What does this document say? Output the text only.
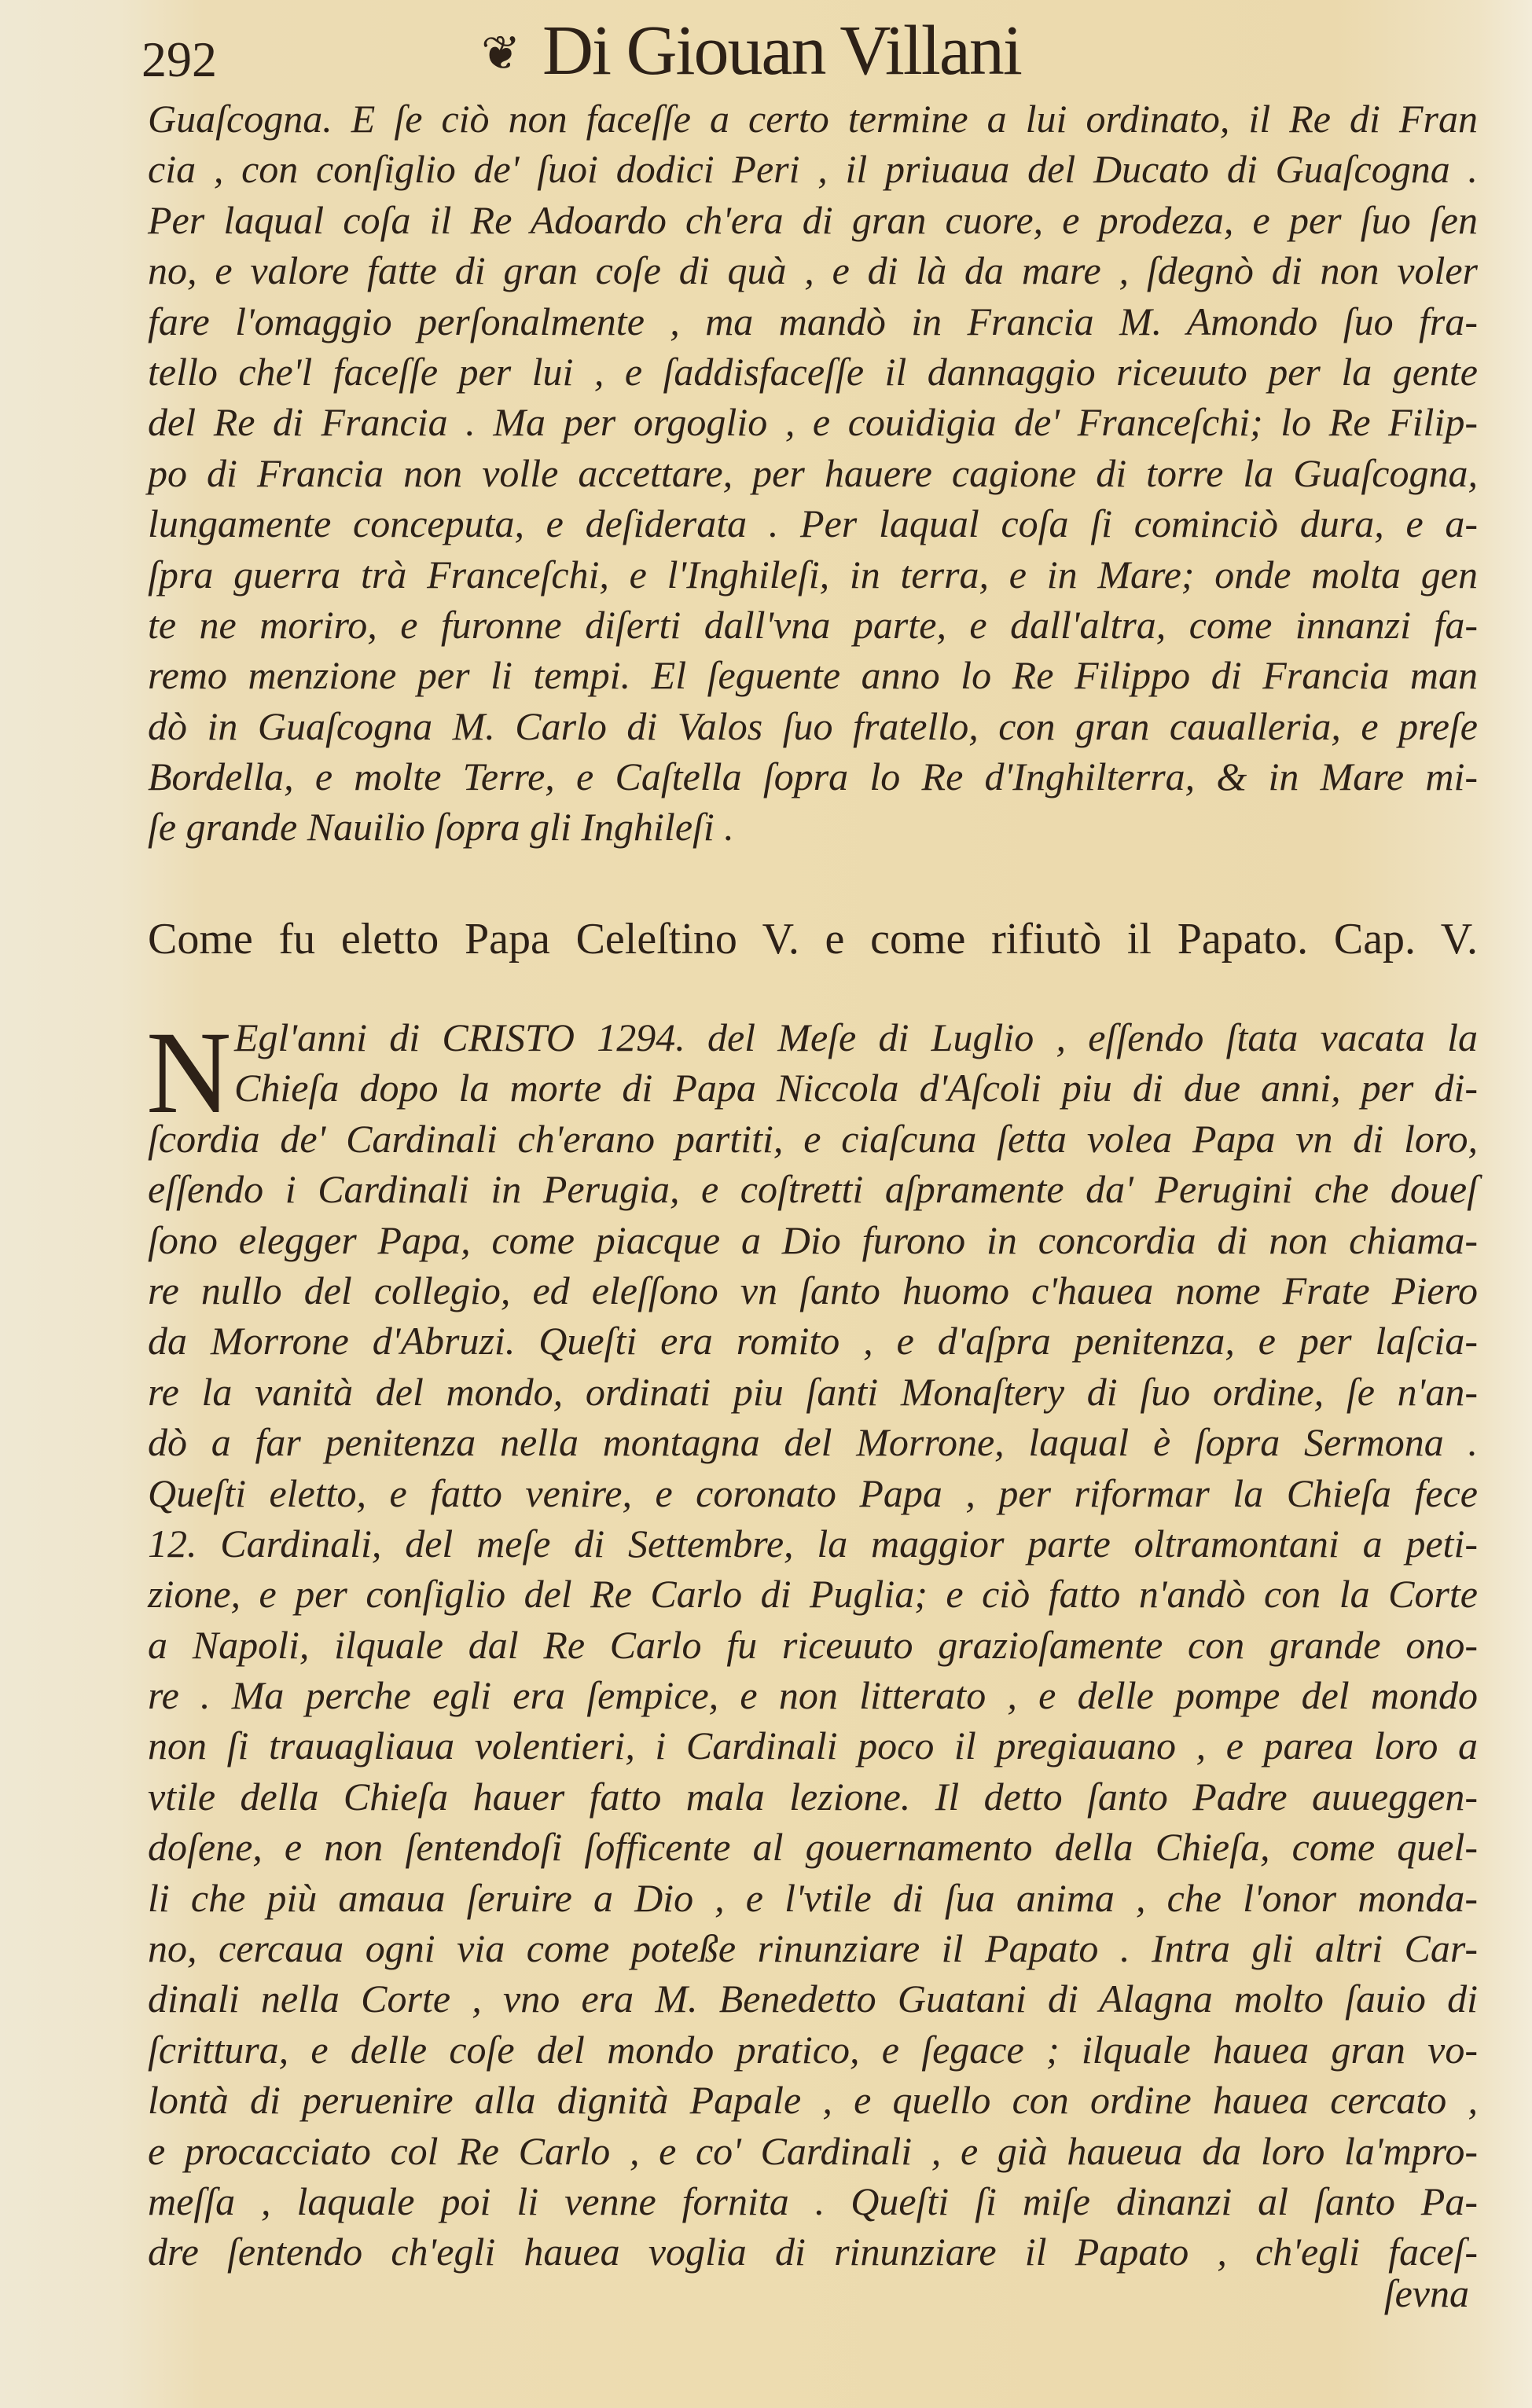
292	❦ Di Giouan Villani
Guaſcogna. E ſe ciò non faceſſe a certo termine a lui ordinato, il Re di Fran
cia , con conſiglio de' ſuoi dodici Peri , il priuaua del Ducato di Guaſcogna .
Per laqual coſa il Re Adoardo ch'era di gran cuore, e prodeza, e per ſuo ſen
no, e valore fatte di gran coſe di quà , e di là da mare , ſdegnò di non voler
fare l'omaggio perſonalmente , ma mandò in Francia M. Amondo ſuo fra-
tello che'l faceſſe per lui , e ſaddisfaceſſe il dannaggio riceuuto per la gente
del Re di Francia . Ma per orgoglio , e couidigia de' Franceſchi; lo Re Filip-
po di Francia non volle accettare, per hauere cagione di torre la Guaſcogna,
lungamente conceputa, e deſiderata . Per laqual coſa ſi cominciò dura, e a-
ſpra guerra trà Franceſchi, e l'Inghileſi, in terra, e in Mare; onde molta gen
te ne moriro, e furonne diſerti dall'vna parte, e dall'altra, come innanzi fa-
remo menzione per li tempi. El ſeguente anno lo Re Filippo di Francia man
dò in Guaſcogna M. Carlo di Valos ſuo fratello, con gran caualleria, e preſe
Bordella, e molte Terre, e Caſtella ſopra lo Re d'Inghilterra, & in Mare mi-
ſe grande Nauilio ſopra gli Inghileſi .
Come fu eletto Papa Celeſtino V. e come rifiutò il Papato. Cap. V.
N Egl'anni di CRISTO 1294. del Meſe di Luglio , eſſendo ſtata vacata la
Chieſa dopo la morte di Papa Niccola d'Aſcoli piu di due anni, per di-
ſcordia de' Cardinali ch'erano partiti, e ciaſcuna ſetta volea Papa vn di loro,
eſſendo i Cardinali in Perugia, e coſtretti aſpramente da' Perugini che doueſ
ſono elegger Papa, come piacque a Dio furono in concordia di non chiama-
re nullo del collegio, ed eleſſono vn ſanto huomo c'hauea nome Frate Piero
da Morrone d'Abruzi. Queſti era romito , e d'aſpra penitenza, e per laſcia-
re la vanità del mondo, ordinati piu ſanti Monaſtery di ſuo ordine, ſe n'an-
dò a far penitenza nella montagna del Morrone, laqual è ſopra Sermona .
Queſti eletto, e fatto venire, e coronato Papa , per riformar la Chieſa fece
12. Cardinali, del meſe di Settembre, la maggior parte oltramontani a peti-
zione, e per conſiglio del Re Carlo di Puglia; e ciò fatto n'andò con la Corte
a Napoli, ilquale dal Re Carlo fu riceuuto grazioſamente con grande ono-
re . Ma perche egli era ſempice, e non litterato , e delle pompe del mondo
non ſi trauagliaua volentieri, i Cardinali poco il pregiauano , e parea loro a
vtile della Chieſa hauer fatto mala lezione. Il detto ſanto Padre auueggen-
doſene, e non ſentendoſi ſofficente al gouernamento della Chieſa, come quel-
li che più amaua ſeruire a Dio , e l'vtile di ſua anima , che l'onor monda-
no, cercaua ogni via come poteße rinunziare il Papato . Intra gli altri Car-
dinali nella Corte , vno era M. Benedetto Guatani di Alagna molto ſauio di
ſcrittura, e delle coſe del mondo pratico, e ſegace ; ilquale hauea gran vo-
lontà di peruenire alla dignità Papale , e quello con ordine hauea cercato ,
e procacciato col Re Carlo , e co' Cardinali , e già haueua da loro la'mpro-
meſſa , laquale poi li venne fornita . Queſti ſi miſe dinanzi al ſanto Pa-
dre ſentendo ch'egli hauea voglia di rinunziare il Papato , ch'egli faceſ-
ſevna
